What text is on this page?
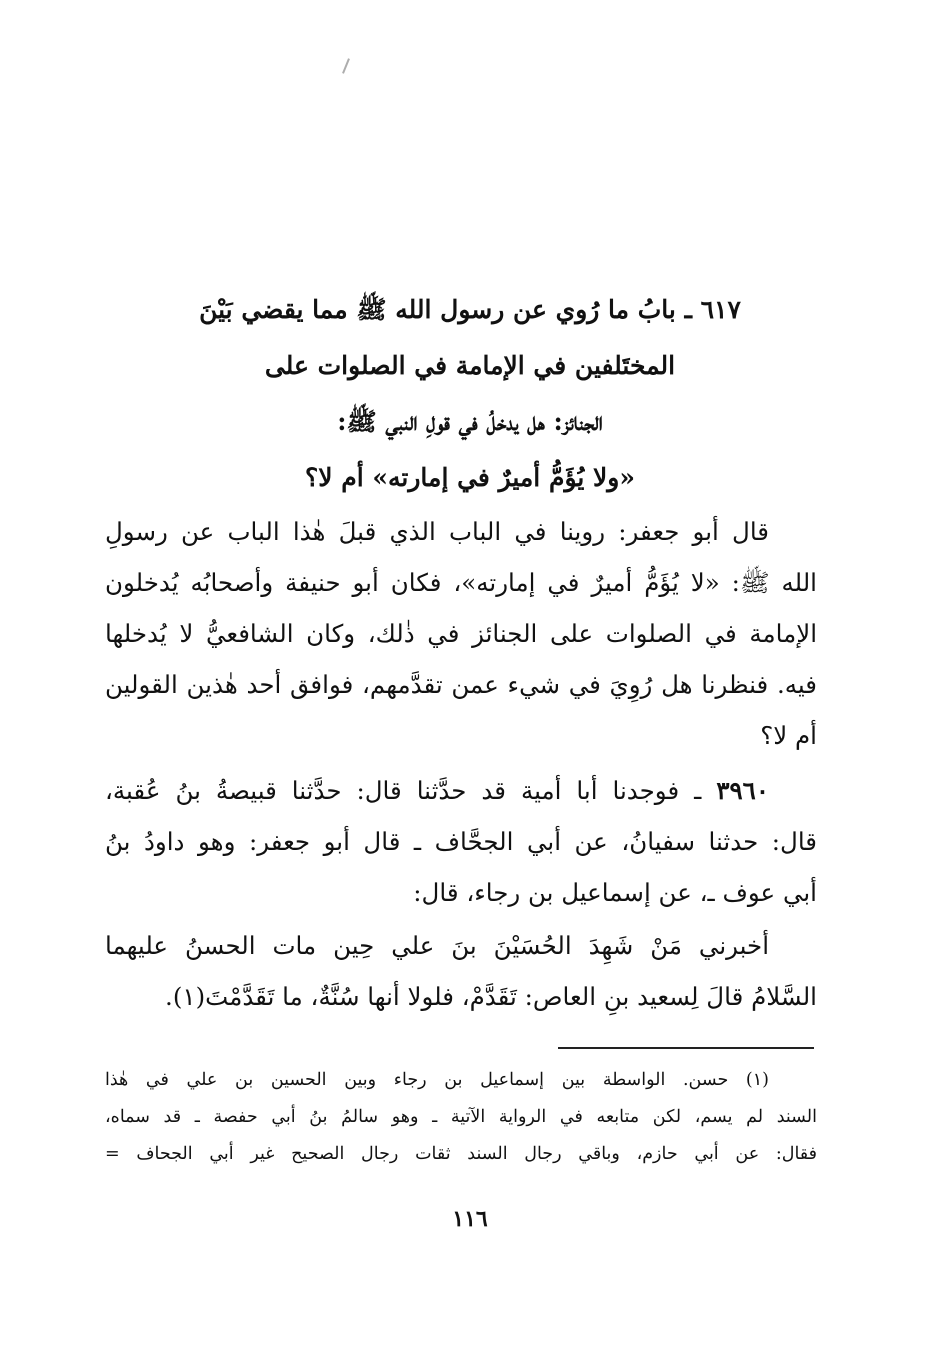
٦١٧ ـ بابُ ما رُوي عن رسول الله ﷺ مما يقضي بَيْنَ
المختَلفين في الإمامة في الصلوات على
الجنائز: هل يدخلُ في قولِ النبي ﷺ:
«ولا يُؤَمُّ أميرٌ في إمارته» أم لا؟
قال أبو جعفر: روينا في الباب الذي قبلَ هٰذا الباب عن رسولِ
الله ﷺ: «لا يُؤَمُّ أميرٌ في إمارته»، فكان أبو حنيفة وأصحابُه يُدخلون
الإمامة في الصلوات على الجنائز في ذٰلك، وكان الشافعيُّ لا يُدخلها
فيه. فنظرنا هل رُوِيَ في شيء عمن تقدَّمهم، فوافق أحد هٰذين القولين
أم لا؟
٣٩٦٠ ـ فوجدنا أبا أمية قد حدَّثنا قال: حدَّثنا قبيصةُ بنُ عُقبة،
قال: حدثنا سفيانُ، عن أبي الجحَّاف ـ قال أبو جعفر: وهو داودُ بنُ
أبي عوف ـ، عن إسماعيل بن رجاء، قال:
أخبرني مَنْ شَهِدَ الحُسَيْنَ بنَ علي حِين مات الحسنُ عليهما
السَّلامُ قالَ لِسعيد بنِ العاص: تَقَدَّمْ، فلولا أنها سُنَّةٌ، ما تَقَدَّمْتَ(١).
(١) حسن. الواسطة بين إسماعيل بن رجاء وبين الحسين بن علي في هٰذا
السند لم يسم، لكن متابعه في الرواية الآتية ـ وهو سالمُ بنُ أبي حفصة ـ قد سماه،
فقال: عن أبي حازم، وباقي رجال السند ثقات رجال الصحيح غير أبي الجحاف =
١١٦
